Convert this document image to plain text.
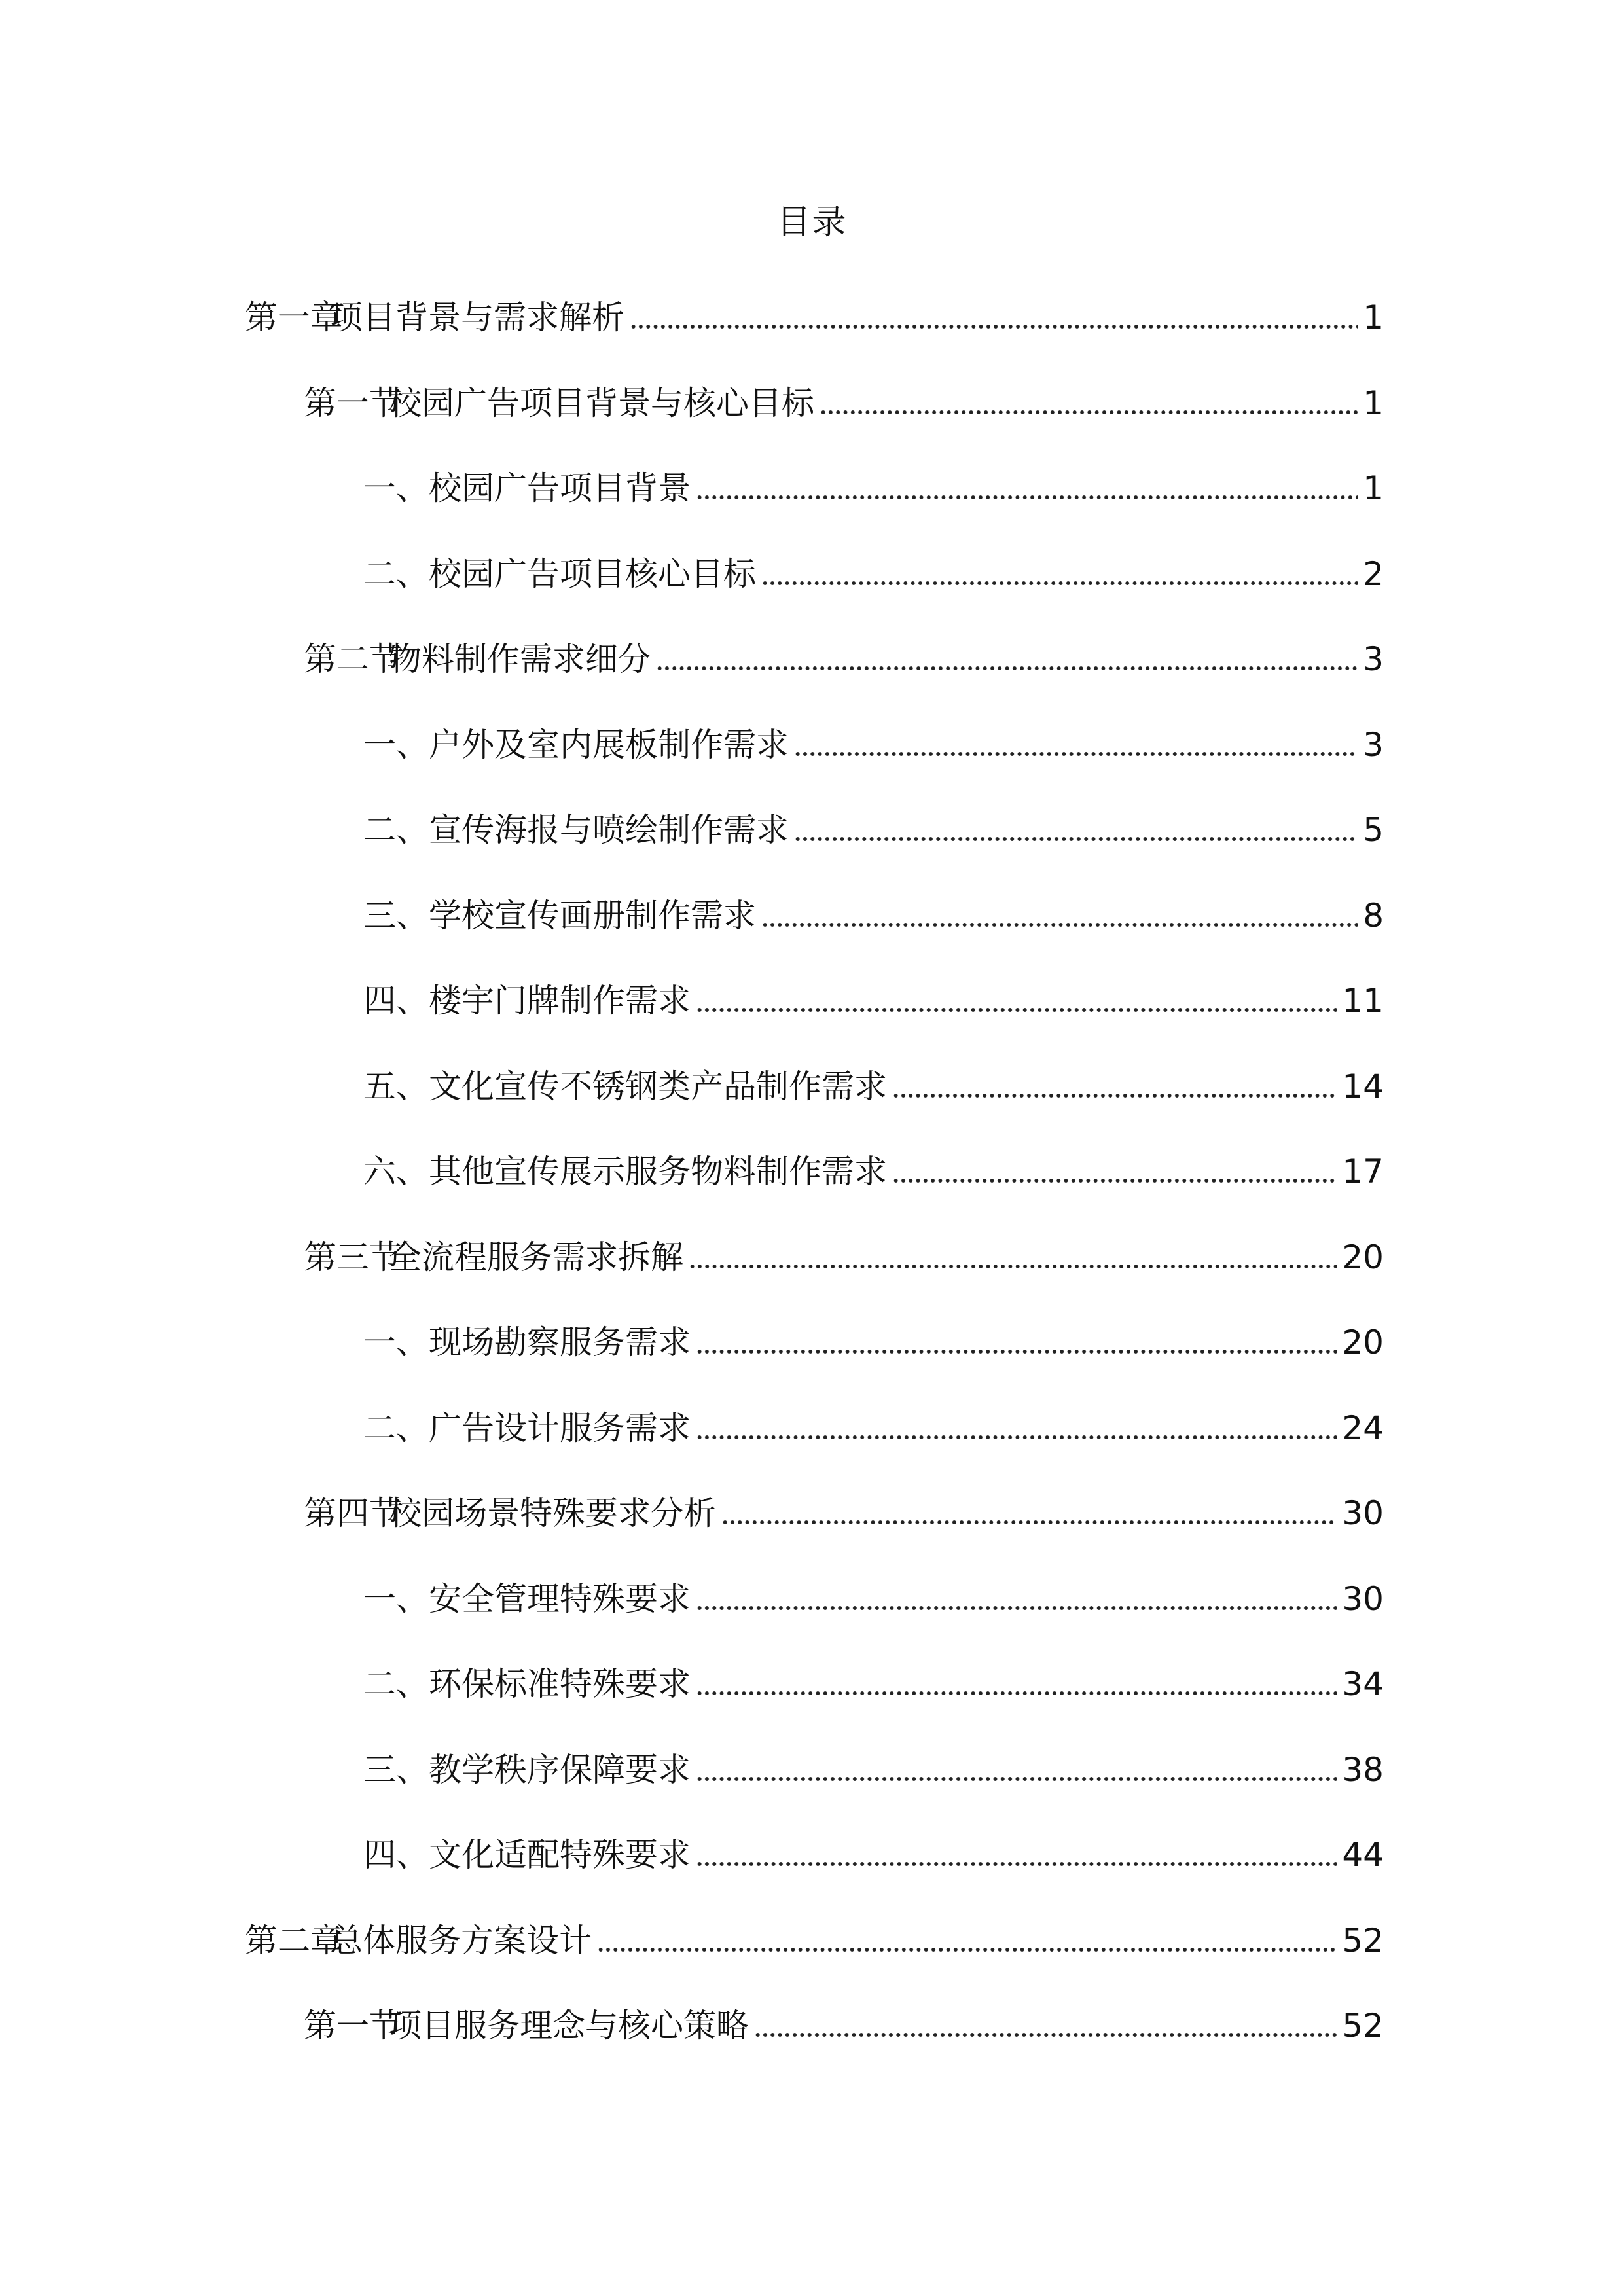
目录
第一章项目背景与需求解析	1
第一节校园广告项目背景与核心目标	1
一、校园广告项目背景	1
二、校园广告项目核心目标	2
第二节物料制作需求细分	3
一、户外及室内展板制作需求	3
二、宣传海报与喷绘制作需求	5
三、学校宣传画册制作需求	8
四、楼宇门牌制作需求	11
五、文化宣传不锈钢类产品制作需求	14
六、其他宣传展示服务物料制作需求	17
第三节全流程服务需求拆解	20
一、现场勘察服务需求	20
二、广告设计服务需求	24
第四节校园场景特殊要求分析	30
一、安全管理特殊要求	30
二、环保标准特殊要求	34
三、教学秩序保障要求	38
四、文化适配特殊要求	44
第二章总体服务方案设计	52
第一节项目服务理念与核心策略	52
